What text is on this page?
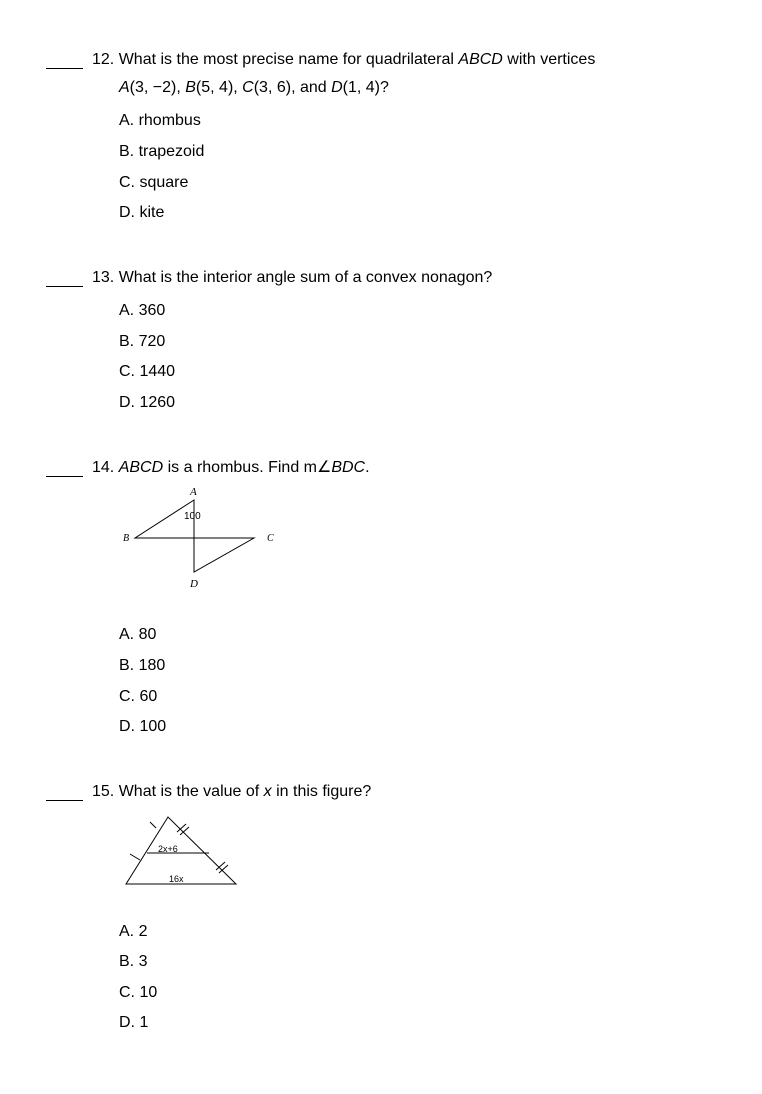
12. What is the most precise name for quadrilateral ABCD with vertices
A(3, −2), B(5, 4), C(3, 6), and D(1, 4)?
A. rhombus
B. trapezoid
C. square
D. kite
13. What is the interior angle sum of a convex nonagon?
A. 360
B. 720
C. 1440
D. 1260
14. ABCD is a rhombus. Find m∠BDC.
A
B	C
D
100
A. 80
B. 180
C. 60
D. 100
15. What is the value of x in this figure?
2x+6
16x
A. 2
B. 3
C. 10
D. 1
